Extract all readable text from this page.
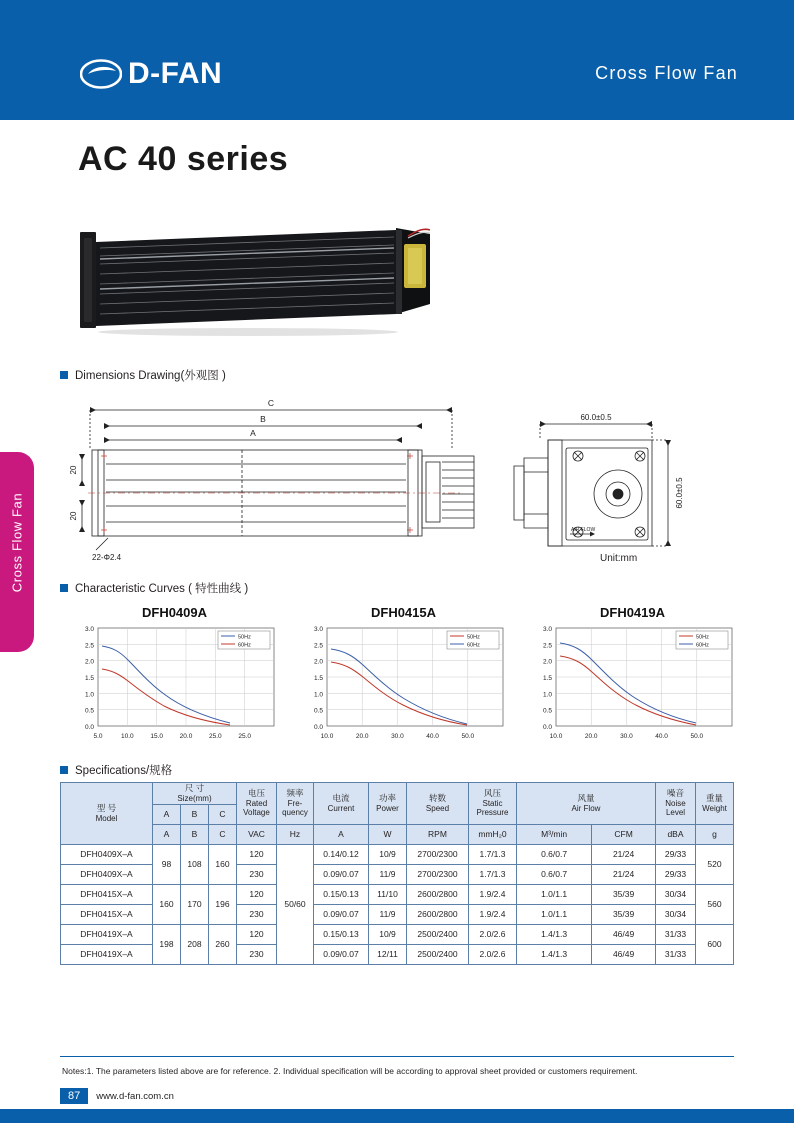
D-FAN	Cross Flow Fan
Cross Flow Fan
AC 40 series
Dimensions Drawing(外观图 )
C
B
A
20
20
22-Φ2.4
60.0±0.5
60.0±0.5
AIR FLOW
Unit:mm
Characteristic Curves ( 特性曲线 )
DFH0409A
3.0
2.5
2.0
1.5
1.0
0.5
0.0
5.0	10.0	15.0	20.0	25.0	25.0
50Hz
60Hz
DFH0415A
3.0
2.5
2.0
1.5
1.0
0.5
0.0
10.0	20.0	30.0	40.0	50.0
50Hz
60Hz
DFH0419A
3.0
2.5
2.0
1.5
1.0
0.5
0.0
10.0	20.0	30.0	40.0	50.0
50Hz
60Hz
Specifications/规格
型 号
Model	尺 寸
Size(mm)			电压
Rated
Voltage	频率
Fre-
quency	电流
Current	功率
Power	转数
Speed	风压
Static
Pressure	风量
Air Flow		噪音
Noise
Level	重量
Weight

	A	B	C										
	A	B	C	VAC	Hz	A	W	RPM	mmH₂0	M³/min	CFM	dBA	g
DFH0409X–A	98	108	160	120	50/60	0.14/0.12	10/9	2700/2300	1.7/1.3	0.6/0.7	21/24	29/33	520
DFH0409X–A				230		0.09/0.07	11/9	2700/2300	1.7/1.3	0.6/0.7	21/24	29/33	
DFH0415X–A	160	170	196	120		0.15/0.13	11/10	2600/2800	1.9/2.4	1.0/1.1	35/39	30/34	560
DFH0415X–A				230		0.09/0.07	11/9	2600/2800	1.9/2.4	1.0/1.1	35/39	30/34	
DFH0419X–A	198	208	260	120		0.15/0.13	10/9	2500/2400	2.0/2.6	1.4/1.3	46/49	31/33	600
DFH0419X–A				230		0.09/0.07	12/11	2500/2400	2.0/2.6	1.4/1.3	46/49	31/33	
Notes:1. The parameters listed above are for reference. 2. Individual specification will be according to approval sheet provided or customers requirement.
87	www.d-fan.com.cn
